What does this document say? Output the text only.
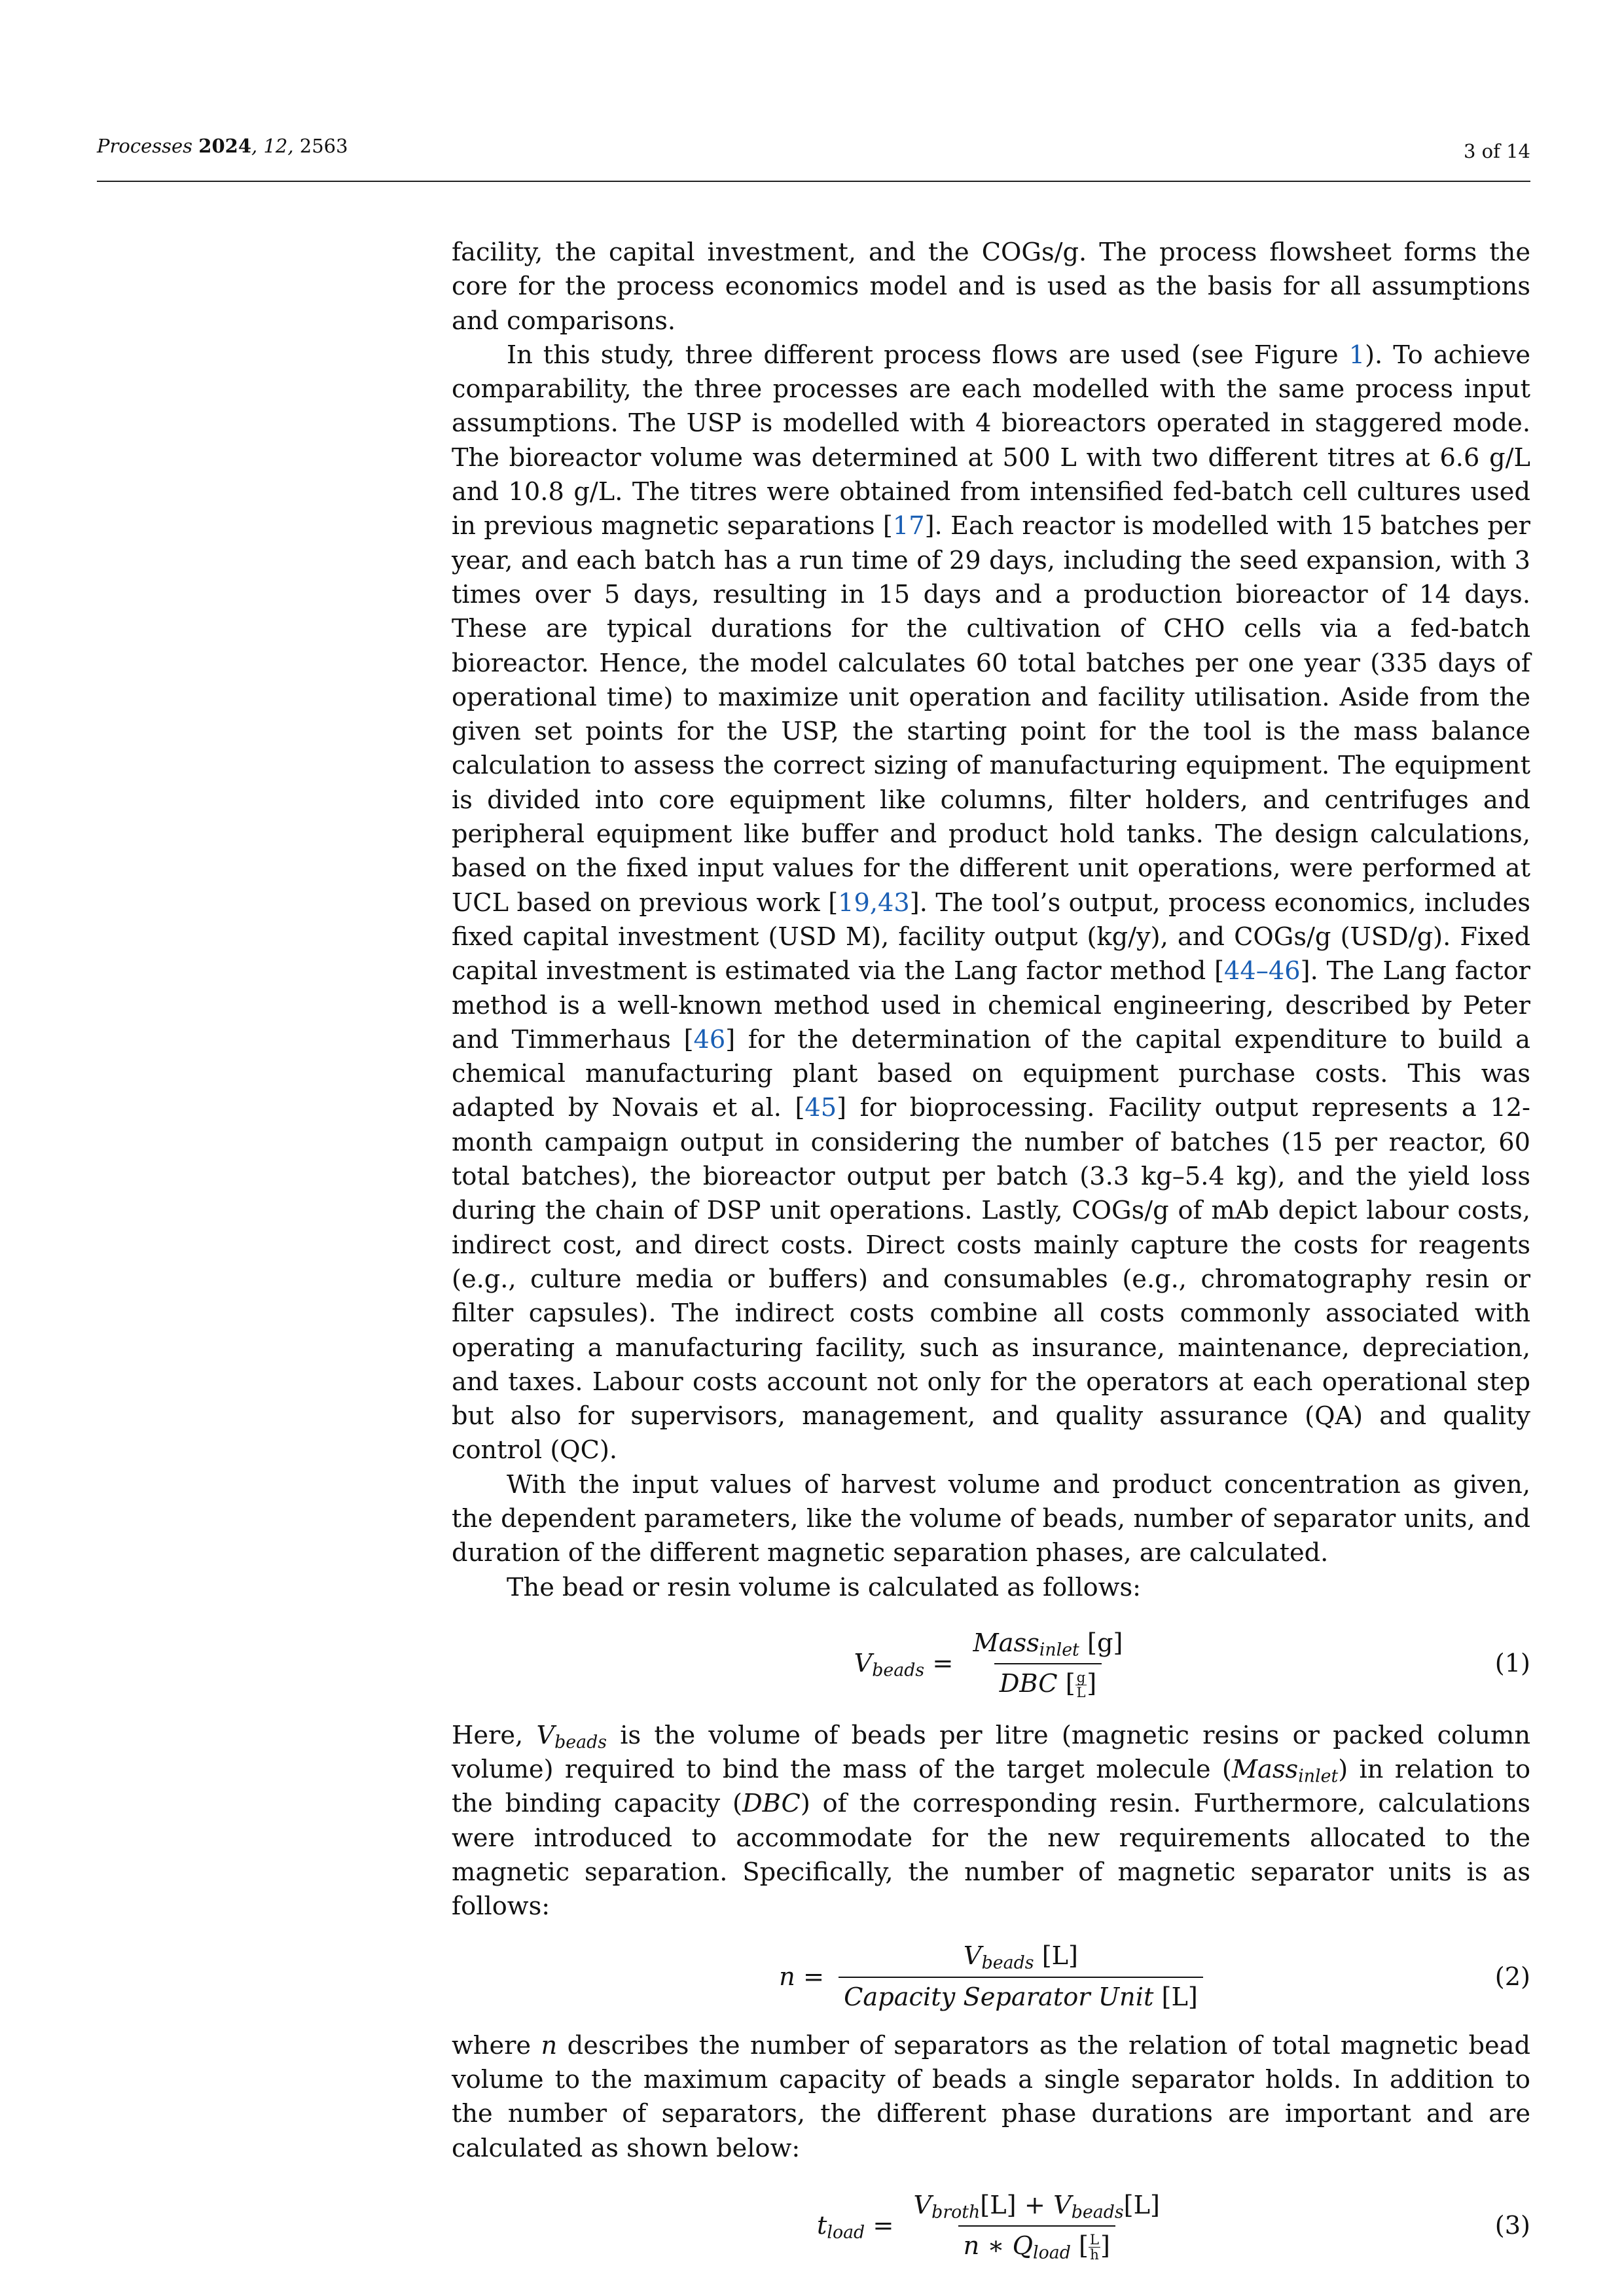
Processes 2024, 12, 2563	3 of 14

facility, the capital investment, and the COGs/g. The process flowsheet forms the core for the process economics model and is used as the basis for all assumptions and comparisons.

In this study, three different process flows are used (see Figure 1). To achieve comparability, the three processes are each modelled with the same process input assumptions. The USP is modelled with 4 bioreactors operated in staggered mode. The bioreactor volume was determined at 500 L with two different titres at 6.6 g/L and 10.8 g/L. The titres were obtained from intensified fed-batch cell cultures used in previous magnetic separations [17]. Each reactor is modelled with 15 batches per year, and each batch has a run time of 29 days, including the seed expansion, with 3 times over 5 days, resulting in 15 days and a production bioreactor of 14 days. These are typical durations for the cultivation of CHO cells via a fed-batch bioreactor. Hence, the model calculates 60 total batches per one year (335 days of operational time) to maximize unit operation and facility utilisation. Aside from the given set points for the USP, the starting point for the tool is the mass balance calculation to assess the correct sizing of manufacturing equipment. The equipment is divided into core equipment like columns, filter holders, and centrifuges and peripheral equipment like buffer and product hold tanks. The design calculations, based on the fixed input values for the different unit operations, were performed at UCL based on previous work [19,43]. The tool’s output, process economics, includes fixed capital investment (USD M), facility output (kg/y), and COGs/g (USD/g). Fixed capital investment is estimated via the Lang factor method [44–46]. The Lang factor method is a well-known method used in chemical engineering, described by Peter and Timmerhaus [46] for the determination of the capital expenditure to build a chemical manufacturing plant based on equipment purchase costs. This was adapted by Novais et al. [45] for bioprocessing. Facility output represents a 12-month campaign output in considering the number of batches (15 per reactor, 60 total batches), the bioreactor output per batch (3.3 kg–5.4 kg), and the yield loss during the chain of DSP unit operations. Lastly, COGs/g of mAb depict labour costs, indirect cost, and direct costs. Direct costs mainly capture the costs for reagents (e.g., culture media or buffers) and consumables (e.g., chromatography resin or filter capsules). The indirect costs combine all costs commonly associated with operating a manufacturing facility, such as insurance, maintenance, depreciation, and taxes. Labour costs account not only for the operators at each operational step but also for supervisors, management, and quality assurance (QA) and quality control (QC).

With the input values of harvest volume and product concentration as given, the dependent parameters, like the volume of beads, number of separator units, and duration of the different magnetic separation phases, are calculated.

The bead or resin volume is calculated as follows:

$V_{beads} = \frac{Mass_{inlet} [g]}{DBC [ \frac{g}{L} ]}$	(1)

Here, $V_{beads}$ is the volume of beads per litre (magnetic resins or packed column volume) required to bind the mass of the target molecule (Mass$_{inlet}$) in relation to the binding capacity (DBC) of the corresponding resin. Furthermore, calculations were introduced to accommodate for the new requirements allocated to the magnetic separation. Specifically, the number of magnetic separator units is as follows:

$n = \frac{V_{beads} [L]}{\text{Capacity Separator Unit [L]}}$	(2)

where n describes the number of separators as the relation of total magnetic bead volume to the maximum capacity of beads a single separator holds. In addition to the number of separators, the different phase durations are important and are calculated as shown below:

$t_{load} = \frac{V_{broth}[L] + V_{beads}[L]}{n ∗ Q_{load} [ \frac{L}{h} ]}$	(3)
